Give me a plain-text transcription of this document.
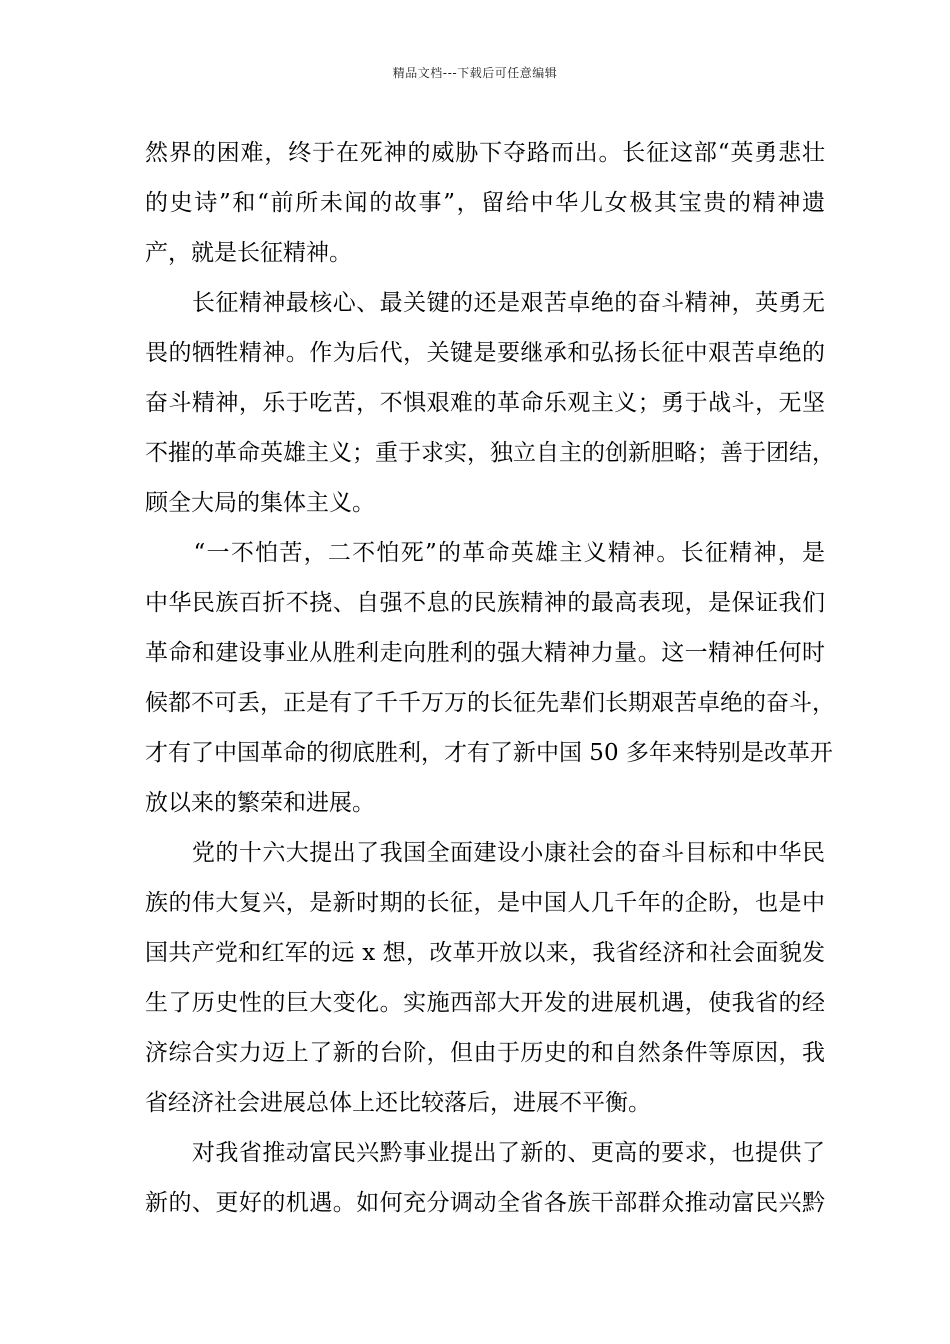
精品文档---下载后可任意编辑
然界的困难，终于在死神的威胁下夺路而出。长征这部“英勇悲壮
的史诗”和“前所未闻的故事”，留给中华儿女极其宝贵的精神遗
产，就是长征精神。
　　长征精神最核心、最关键的还是艰苦卓绝的奋斗精神，英勇无
畏的牺牲精神。作为后代，关键是要继承和弘扬长征中艰苦卓绝的
奋斗精神，乐于吃苦，不惧艰难的革命乐观主义；勇于战斗，无坚
不摧的革命英雄主义；重于求实，独立自主的创新胆略；善于团结，
顾全大局的集体主义。
　　“一不怕苦，二不怕死”的革命英雄主义精神。长征精神，是
中华民族百折不挠、自强不息的民族精神的最高表现，是保证我们
革命和建设事业从胜利走向胜利的强大精神力量。这一精神任何时
候都不可丢，正是有了千千万万的长征先辈们长期艰苦卓绝的奋斗，
才有了中国革命的彻底胜利，才有了新中国 50 多年来特别是改革开
放以来的繁荣和进展。
　　党的十六大提出了我国全面建设小康社会的奋斗目标和中华民
族的伟大复兴，是新时期的长征，是中国人几千年的企盼，也是中
国共产党和红军的远 x 想，改革开放以来，我省经济和社会面貌发
生了历史性的巨大变化。实施西部大开发的进展机遇，使我省的经
济综合实力迈上了新的台阶，但由于历史的和自然条件等原因，我
省经济社会进展总体上还比较落后，进展不平衡。
　　对我省推动富民兴黔事业提出了新的、更高的要求，也提供了
新的、更好的机遇。如何充分调动全省各族干部群众推动富民兴黔
